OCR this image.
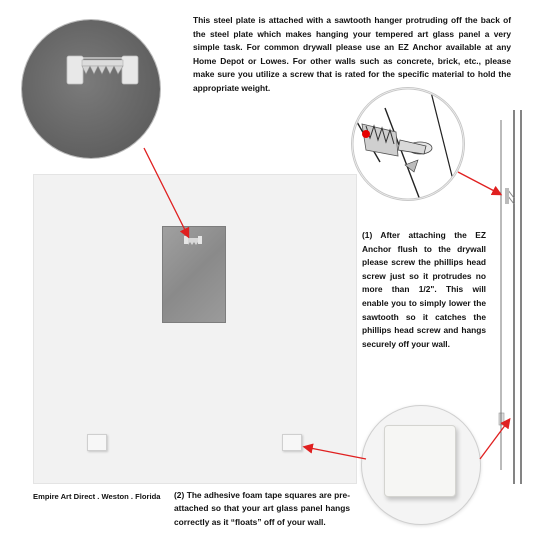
This steel plate is attached with a sawtooth hanger protruding off the back of the steel plate which makes hanging your tempered art glass panel a very simple task. For common drywall please use an EZ Anchor available at any Home Depot or Lowes. For other walls such as concrete, brick, etc., please make sure you utilize a screw that is rated for the specific material to hold the appropriate weight.
(1) After attaching the EZ Anchor flush to the drywall please screw the phillips head screw just so it protrudes no more than 1/2". This will enable you to simply lower the sawtooth so it catches the phillips head screw and hangs securely off your wall.
(2) The adhesive foam tape squares are pre-attached so that your art glass panel hangs correctly as it “floats” off of your wall.
Empire Art Direct . Weston . Florida
